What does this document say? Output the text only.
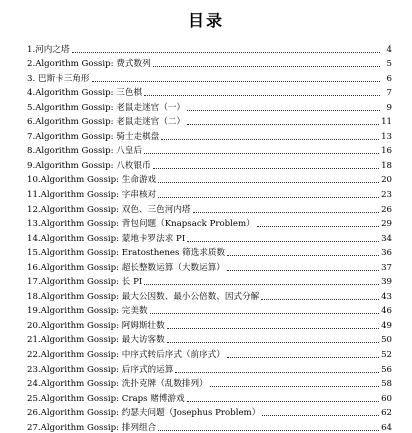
目录
1.河内之塔	4
2.Algorithm Gossip: 费式数列	5
3. 巴斯卡三角形	6
4.Algorithm Gossip: 三色棋	7
5.Algorithm Gossip: 老鼠走迷官（一）	9
6.Algorithm Gossip: 老鼠走迷官（二）	11
7.Algorithm Gossip: 骑士走棋盘	13
8.Algorithm Gossip: 八皇后	16
9.Algorithm Gossip: 八枚银币	18
10.Algorithm Gossip: 生命游戏	20
11.Algorithm Gossip: 字串核对	23
12.Algorithm Gossip: 双色、三色河内塔	26
13.Algorithm Gossip: 背包问题（Knapsack Problem）	29
14.Algorithm Gossip: 蒙地卡罗法求 PI	34
15.Algorithm Gossip: Eratosthenes 筛选求质数	36
16.Algorithm Gossip: 超长整数运算（大数运算）	37
17.Algorithm Gossip: 长 PI	39
18.Algorithm Gossip: 最大公因数、最小公倍数、因式分解	43
19.Algorithm Gossip: 完美数	46
20.Algorithm Gossip: 阿姆斯壮数	49
21.Algorithm Gossip: 最大访客数	50
22.Algorithm Gossip: 中序式转后序式（前序式）	52
23.Algorithm Gossip: 后序式的运算	56
24.Algorithm Gossip: 洗扑克牌（乱数排列）	58
25.Algorithm Gossip: Craps 赌博游戏	60
26.Algorithm Gossip: 约瑟夫问题（Josephus Problem）	62
27.Algorithm Gossip: 排列组合	64
